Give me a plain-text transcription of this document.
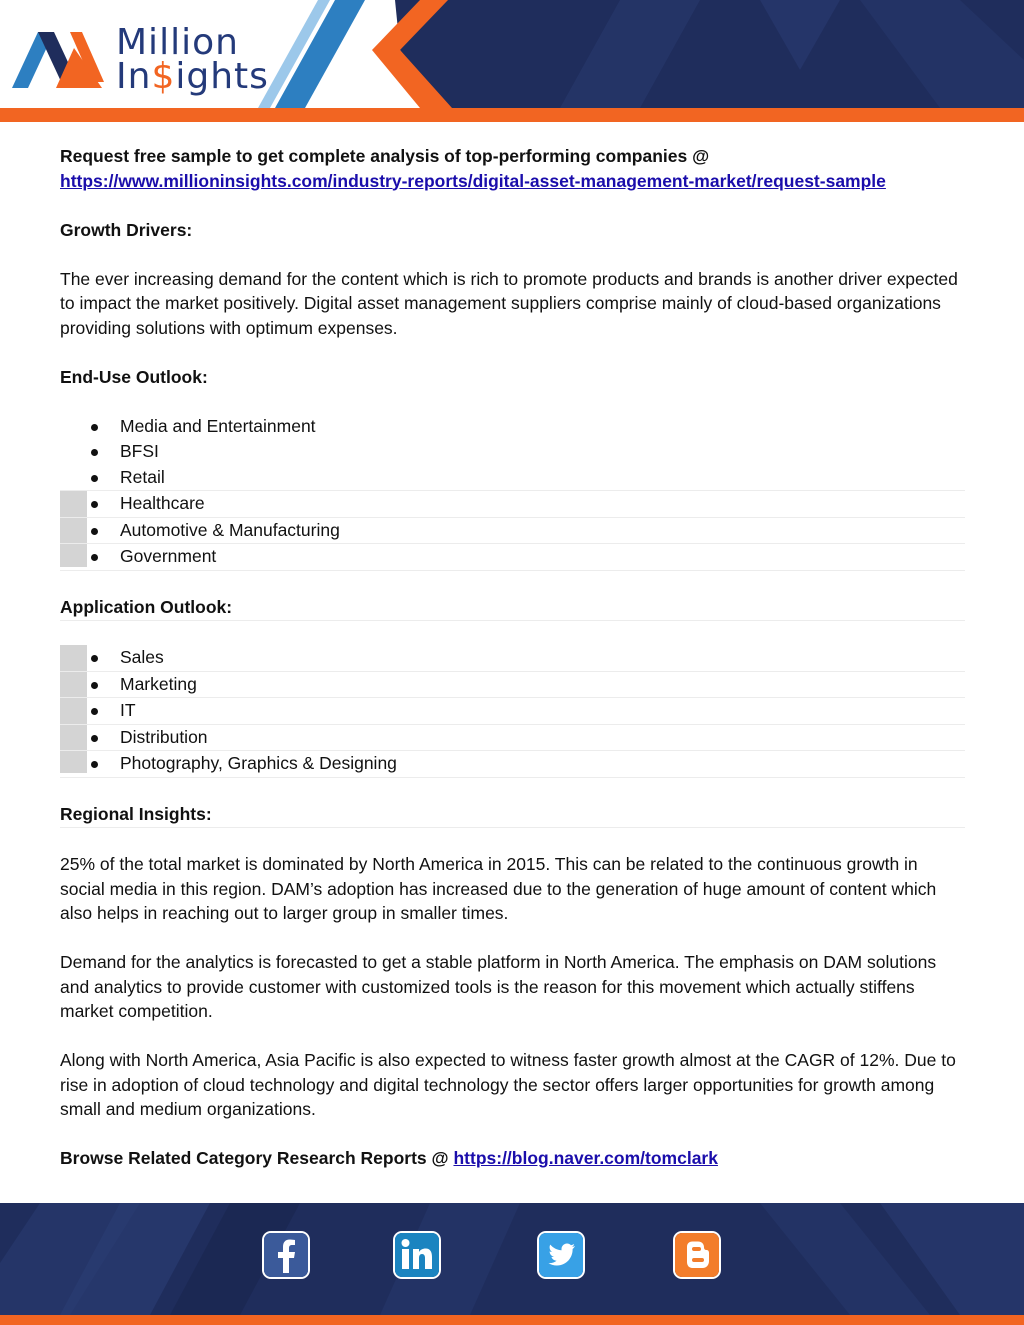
Million
In$ights

Request free sample to get complete analysis of top-performing companies @
https://www.millioninsights.com/industry-reports/digital-asset-management-market/request-sample

Growth Drivers:

The ever increasing demand for the content which is rich to promote products and brands is another driver expected to impact the market positively. Digital asset management suppliers comprise mainly of cloud-based organizations providing solutions with optimum expenses.

End-Use Outlook:

Media and Entertainment
BFSI
Retail
Healthcare
Automotive & Manufacturing
Government

Application Outlook:

Sales
Marketing
IT
Distribution
Photography, Graphics & Designing

Regional Insights:

25% of the total market is dominated by North America in 2015. This can be related to the continuous growth in social media in this region. DAM’s adoption has increased due to the generation of huge amount of content which also helps in reaching out to larger group in smaller times.

Demand for the analytics is forecasted to get a stable platform in North America. The emphasis on DAM solutions and analytics to provide customer with customized tools is the reason for this movement which actually stiffens market competition.

Along with North America, Asia Pacific is also expected to witness faster growth almost at the CAGR of 12%. Due to rise in adoption of cloud technology and digital technology the sector offers larger opportunities for growth among small and medium organizations.

Browse Related Category Research Reports @ https://blog.naver.com/tomclark
